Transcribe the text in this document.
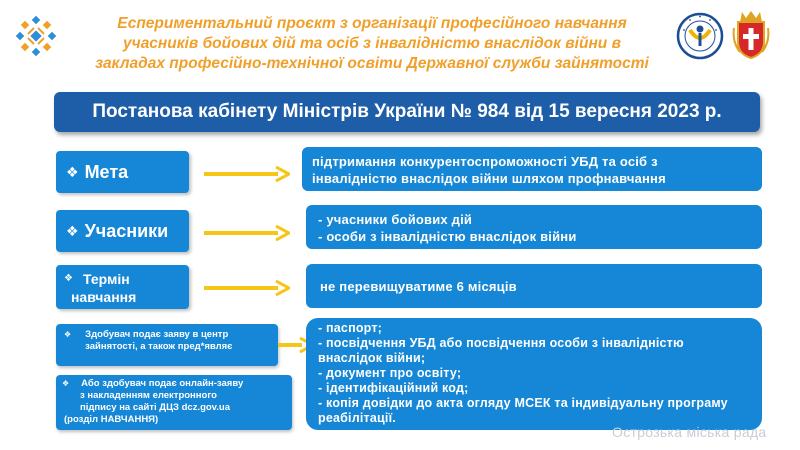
Еспериментальний проєкт з організації професійного навчання
учасників бойових дій та осіб з інвалідністю внаслідок війни в
закладах професійно-технічної освіти Державної служби зайнятості
Постанова кабінету Міністрів України № 984 від 15 вересня 2023 р.
❖ Мета	підтримання конкурентоспроможності УБД та осіб з
інвалідністю внаслідок війни шляхом профнавчання
❖ Учасники
- учасники бойових дій
- особи з інвалідністю внаслідок війни
❖ Термін
навчання
не перевищуватиме 6 місяців
❖ Здобувач подає заяву в центр
зайнятості, а також пред*являє
❖ Або здобувач подає онлайн-заяву
з накладенням електронного
підпису на сайті ДЦЗ dcz.gov.ua
(розділ НАВЧАННЯ)
- паспорт;
- посвідчення УБД або посвідчення особи з інвалідністю
внаслідок війни;
- документ про освіту;
- ідентифікаційний код;
- копія довідки до акта огляду МСЕК та індивідуальну програму
реабілітації.
Острозька міська рада
